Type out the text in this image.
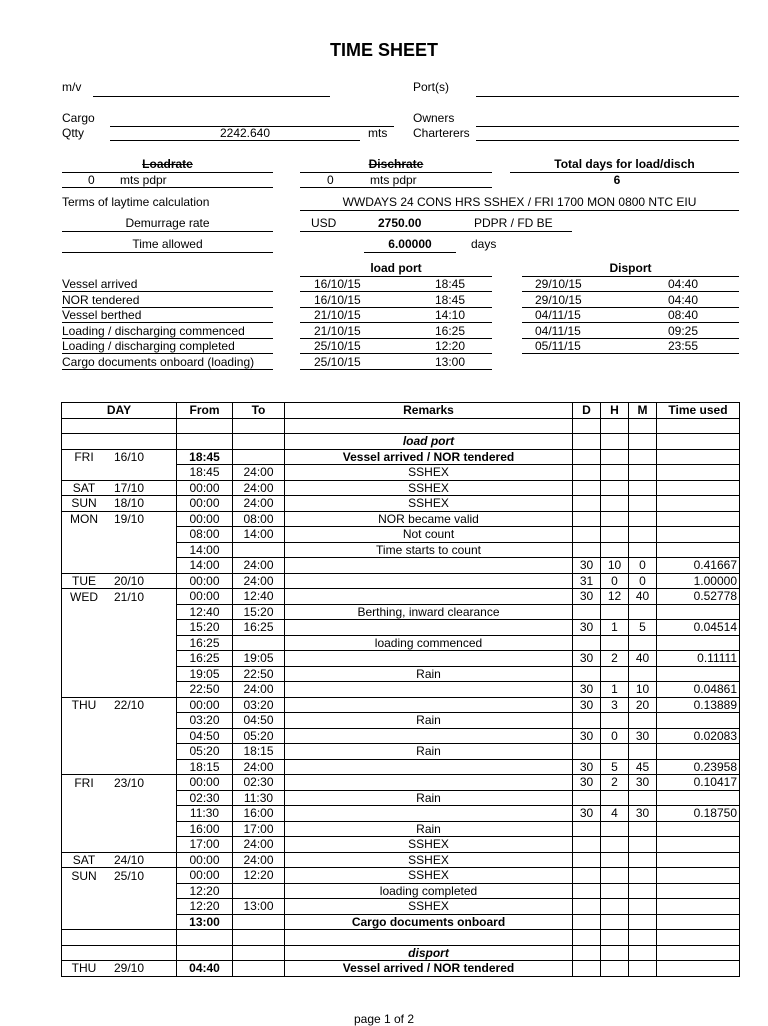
TIME SHEET
m/v	Port(s)
Cargo	Owners
Qtty	2242.640	mts Charterers
Loadrate
0 mts pdpr
Dischrate
0	mts pdpr
Total days for load/disch
6
Terms of laytime calculation	WWDAYS 24 CONS HRS SSHEX / FRI 1700 MON 0800 NTC EIU
Demurrage rate	USD	2750.00	PDPR / FD BE
Time allowed	6.00000	days
load port	Disport
Vessel arrived	16/10/15	18:45	29/10/15	04:40
NOR tendered	16/10/15	18:45	29/10/15	04:40
Vessel berthed	21/10/15	14:10	04/11/15	08:40
Loading / discharging commenced	21/10/15	16:25	04/11/15	09:25
Loading / discharging completed	25/10/15	12:20	05/11/15	23:55
Cargo documents onboard (loading)	25/10/15	13:00
DAY	From	To	Remarks	D	H	M	Time used

			load port				
FRI 16/10	18:45		Vessel arrived / NOR tendered				
	18:45	24:00	SSHEX				
SAT 17/10	00:00	24:00	SSHEX				
SUN 18/10	00:00	24:00	SSHEX				
MON 19/10	00:00	08:00	NOR became valid				
	08:00	14:00	Not count				
	14:00		Time starts to count				
	14:00	24:00		30	10	0	0.41667
TUE 20/10	00:00	24:00		31	0	0	1.00000
WED 21/10	00:00	12:40		30	12	40	0.52778
	12:40	15:20	Berthing, inward clearance				
	15:20	16:25		30	1	5	0.04514
	16:25		loading commenced				
	16:25	19:05		30	2	40	0.11111
	19:05	22:50	Rain				
	22:50	24:00		30	1	10	0.04861
THU 22/10	00:00	03:20		30	3	20	0.13889
	03:20	04:50	Rain				
	04:50	05:20		30	0	30	0.02083
	05:20	18:15	Rain				
	18:15	24:00		30	5	45	0.23958
FRI 23/10	00:00	02:30		30	2	30	0.10417
	02:30	11:30	Rain				
	11:30	16:00		30	4	30	0.18750
	16:00	17:00	Rain				
	17:00	24:00	SSHEX				
SAT 24/10	00:00	24:00	SSHEX				
SUN 25/10	00:00	12:20	SSHEX				
	12:20		loading completed				
	12:20	13:00	SSHEX				
	13:00		Cargo documents onboard				

			disport				
THU 29/10	04:40		Vessel arrived / NOR tendered				
page 1 of 2
